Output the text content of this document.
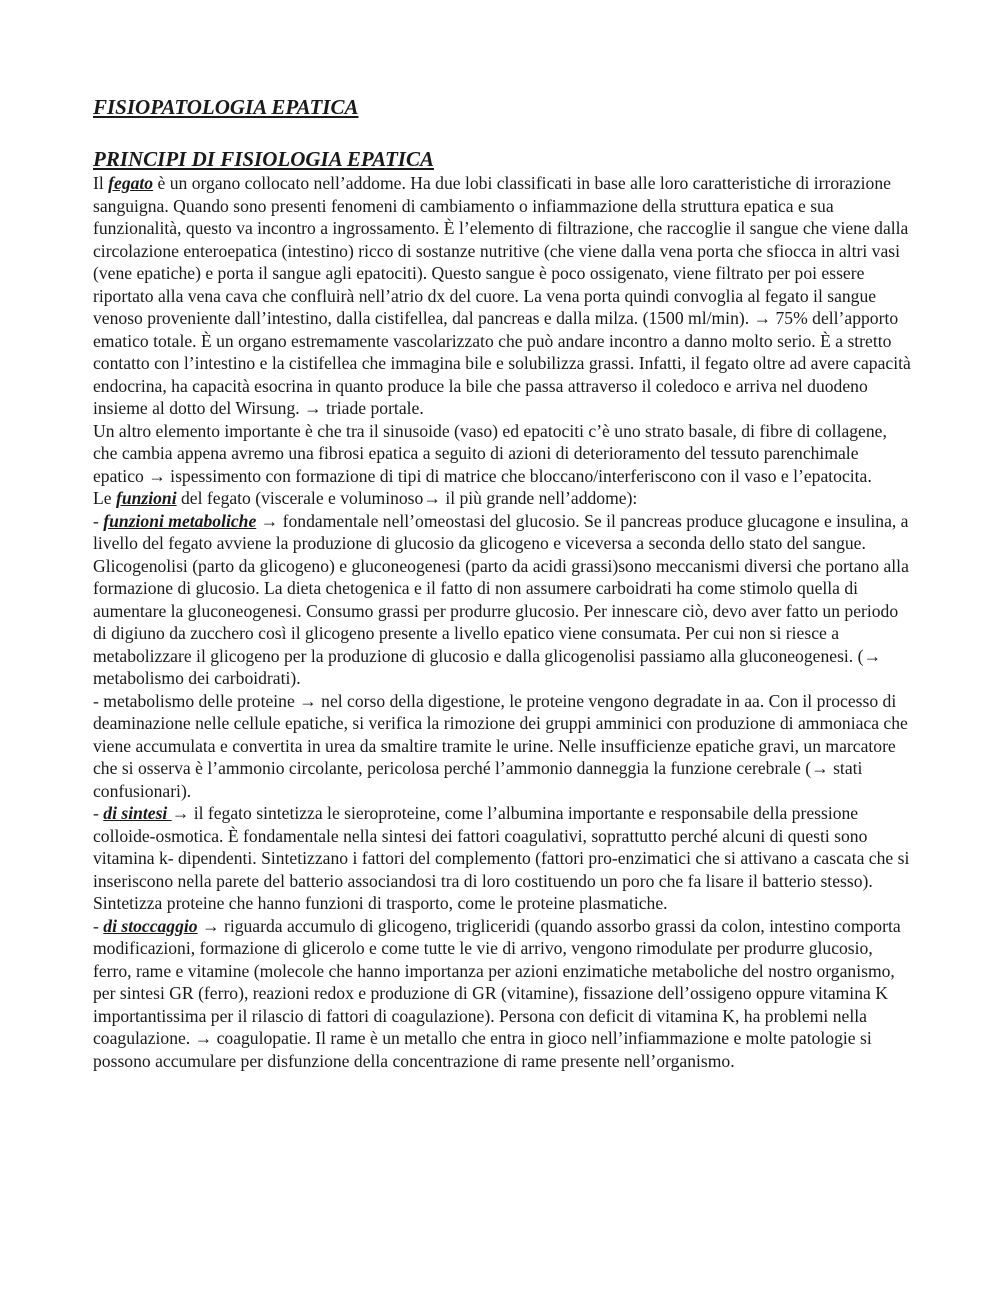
FISIOPATOLOGIA EPATICA
PRINCIPI DI FISIOLOGIA EPATICA

Il fegato è un organo collocato nell’addome. Ha due lobi classificati in base alle loro caratteristiche di irrorazione sanguigna. Quando sono presenti fenomeni di cambiamento o infiammazione della struttura epatica e sua funzionalità, questo va incontro a ingrossamento. È l’elemento di filtrazione, che raccoglie il sangue che viene dalla circolazione enteroepatica (intestino) ricco di sostanze nutritive (che viene dalla vena porta che sfiocca in altri vasi (vene epatiche) e porta il sangue agli epatociti). Questo sangue è poco ossigenato, viene filtrato per poi essere riportato alla vena cava che confluirà nell’atrio dx del cuore. La vena porta quindi convoglia al fegato il sangue venoso proveniente dall’intestino, dalla cistifellea, dal pancreas e dalla milza. (1500 ml/min). → 75% dell’apporto ematico totale. È un organo estremamente vascolarizzato che può andare incontro a danno molto serio. È a stretto contatto con l’intestino e la cistifellea che immagina bile e solubilizza grassi. Infatti, il fegato oltre ad avere capacità endocrina, ha capacità esocrina in quanto produce la bile che passa attraverso il coledoco e arriva nel duodeno insieme al dotto del Wirsung. → triade portale.

Un altro elemento importante è che tra il sinusoide (vaso) ed epatociti c’è uno strato basale, di fibre di collagene, che cambia appena avremo una fibrosi epatica a seguito di azioni di deterioramento del tessuto parenchimale epatico → ispessimento con formazione di tipi di matrice che bloccano/interferiscono con il vaso e l’epatocita.

Le funzioni del fegato (viscerale e voluminoso→ il più grande nell’addome):

- funzioni metaboliche → fondamentale nell’omeostasi del glucosio. Se il pancreas produce glucagone e insulina, a livello del fegato avviene la produzione di glucosio da glicogeno e viceversa a seconda dello stato del sangue. Glicogenolisi (parto da glicogeno) e gluconeogenesi (parto da acidi grassi)sono meccanismi diversi che portano alla formazione di glucosio. La dieta chetogenica e il fatto di non assumere carboidrati ha come stimolo quella di aumentare la gluconeogenesi. Consumo grassi per produrre glucosio. Per innescare ciò, devo aver fatto un periodo di digiuno da zucchero così il glicogeno presente a livello epatico viene consumata. Per cui non si riesce a metabolizzare il glicogeno per la produzione di glucosio e dalla glicogenolisi passiamo alla gluconeogenesi. (→ metabolismo dei carboidrati).

- metabolismo delle proteine → nel corso della digestione, le proteine vengono degradate in aa. Con il processo di deaminazione nelle cellule epatiche, si verifica la rimozione dei gruppi amminici con produzione di ammoniaca che viene accumulata e convertita in urea da smaltire tramite le urine. Nelle insufficienze epatiche gravi, un marcatore che si osserva è l’ammonio circolante, pericolosa perché l’ammonio danneggia la funzione cerebrale (→ stati confusionari).

- di sintesi → il fegato sintetizza le sieroproteine, come l’albumina importante e responsabile della pressione colloide-osmotica. È fondamentale nella sintesi dei fattori coagulativi, soprattutto perché alcuni di questi sono vitamina k- dipendenti. Sintetizzano i fattori del complemento (fattori pro-enzimatici che si attivano a cascata che si inseriscono nella parete del batterio associandosi tra di loro costituendo un poro che fa lisare il batterio stesso). Sintetizza proteine che hanno funzioni di trasporto, come le proteine plasmatiche.

- di stoccaggio → riguarda accumulo di glicogeno, trigliceridi (quando assorbo grassi da colon, intestino comporta modificazioni, formazione di glicerolo e come tutte le vie di arrivo, vengono rimodulate per produrre glucosio, ferro, rame e vitamine (molecole che hanno importanza per azioni enzimatiche metaboliche del nostro organismo, per sintesi GR (ferro), reazioni redox e produzione di GR (vitamine), fissazione dell’ossigeno oppure vitamina K importantissima per il rilascio di fattori di coagulazione). Persona con deficit di vitamina K, ha problemi nella coagulazione. → coagulopatie. Il rame è un metallo che entra in gioco nell’infiammazione e molte patologie si possono accumulare per disfunzione della concentrazione di rame presente nell’organismo.
